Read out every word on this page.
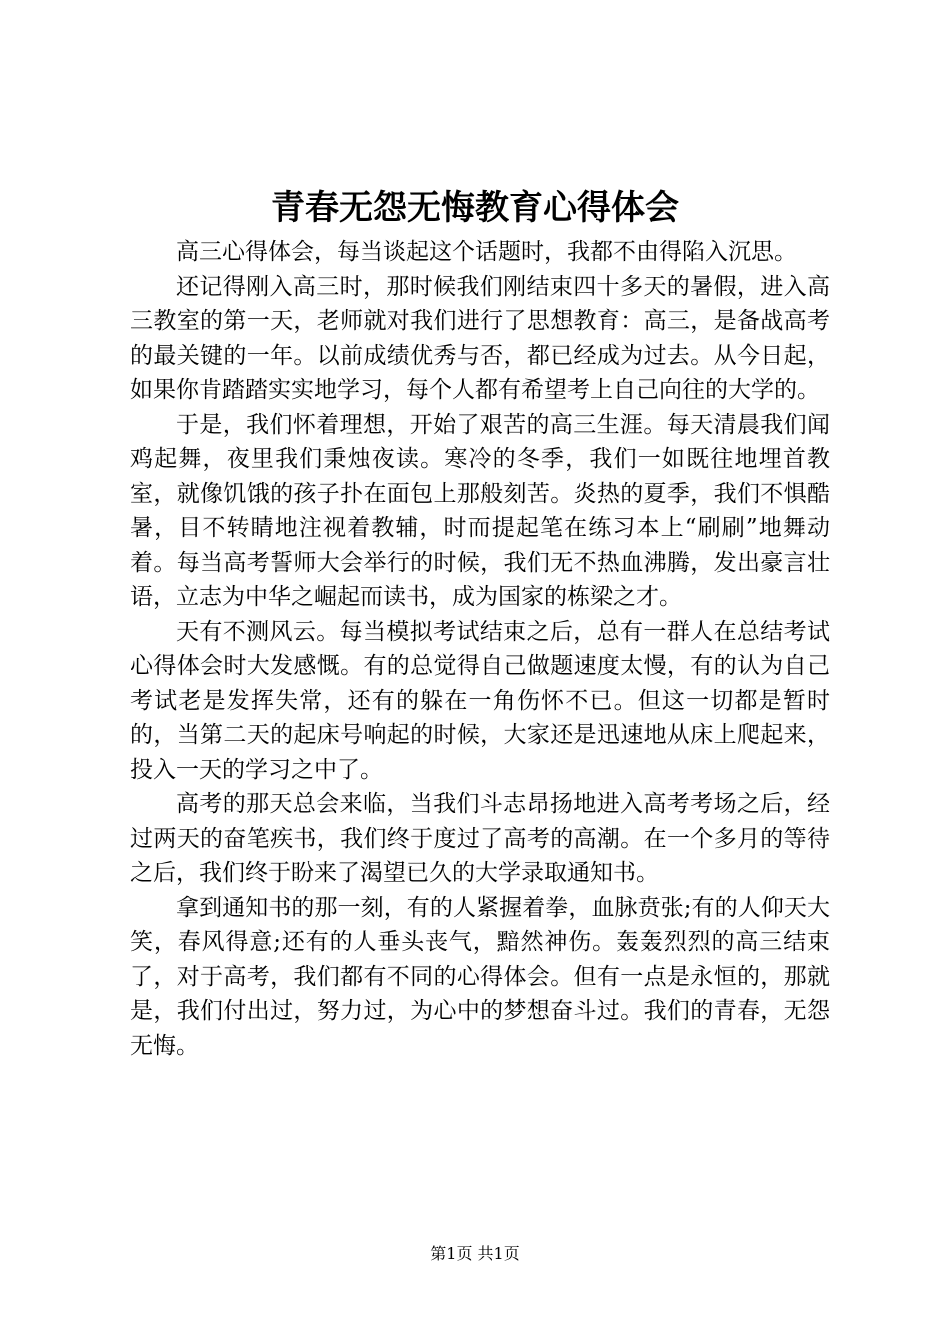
青春无怨无悔教育心得体会

高三心得体会，每当谈起这个话题时，我都不由得陷入沉思。

还记得刚入高三时，那时候我们刚结束四十多天的暑假，进入高三教室的第一天，老师就对我们进行了思想教育：高三，是备战高考的最关键的一年。以前成绩优秀与否，都已经成为过去。从今日起，如果你肯踏踏实实地学习，每个人都有希望考上自己向往的大学的。

于是，我们怀着理想，开始了艰苦的高三生涯。每天清晨我们闻鸡起舞，夜里我们秉烛夜读。寒冷的冬季，我们一如既往地埋首教室，就像饥饿的孩子扑在面包上那般刻苦。炎热的夏季，我们不惧酷暑，目不转睛地注视着教辅，时而提起笔在练习本上“刷刷”地舞动着。每当高考誓师大会举行的时候，我们无不热血沸腾，发出豪言壮语，立志为中华之崛起而读书，成为国家的栋梁之才。

天有不测风云。每当模拟考试结束之后，总有一群人在总结考试心得体会时大发感慨。有的总觉得自己做题速度太慢，有的认为自己考试老是发挥失常，还有的躲在一角伤怀不已。但这一切都是暂时的，当第二天的起床号响起的时候，大家还是迅速地从床上爬起来，投入一天的学习之中了。

高考的那天总会来临，当我们斗志昂扬地进入高考考场之后，经过两天的奋笔疾书，我们终于度过了高考的高潮。在一个多月的等待之后，我们终于盼来了渴望已久的大学录取通知书。

拿到通知书的那一刻，有的人紧握着拳，血脉贲张;有的人仰天大笑，春风得意;还有的人垂头丧气，黯然神伤。轰轰烈烈的高三结束了，对于高考，我们都有不同的心得体会。但有一点是永恒的，那就是，我们付出过，努力过，为心中的梦想奋斗过。我们的青春，无怨无悔。

第1页 共1页
